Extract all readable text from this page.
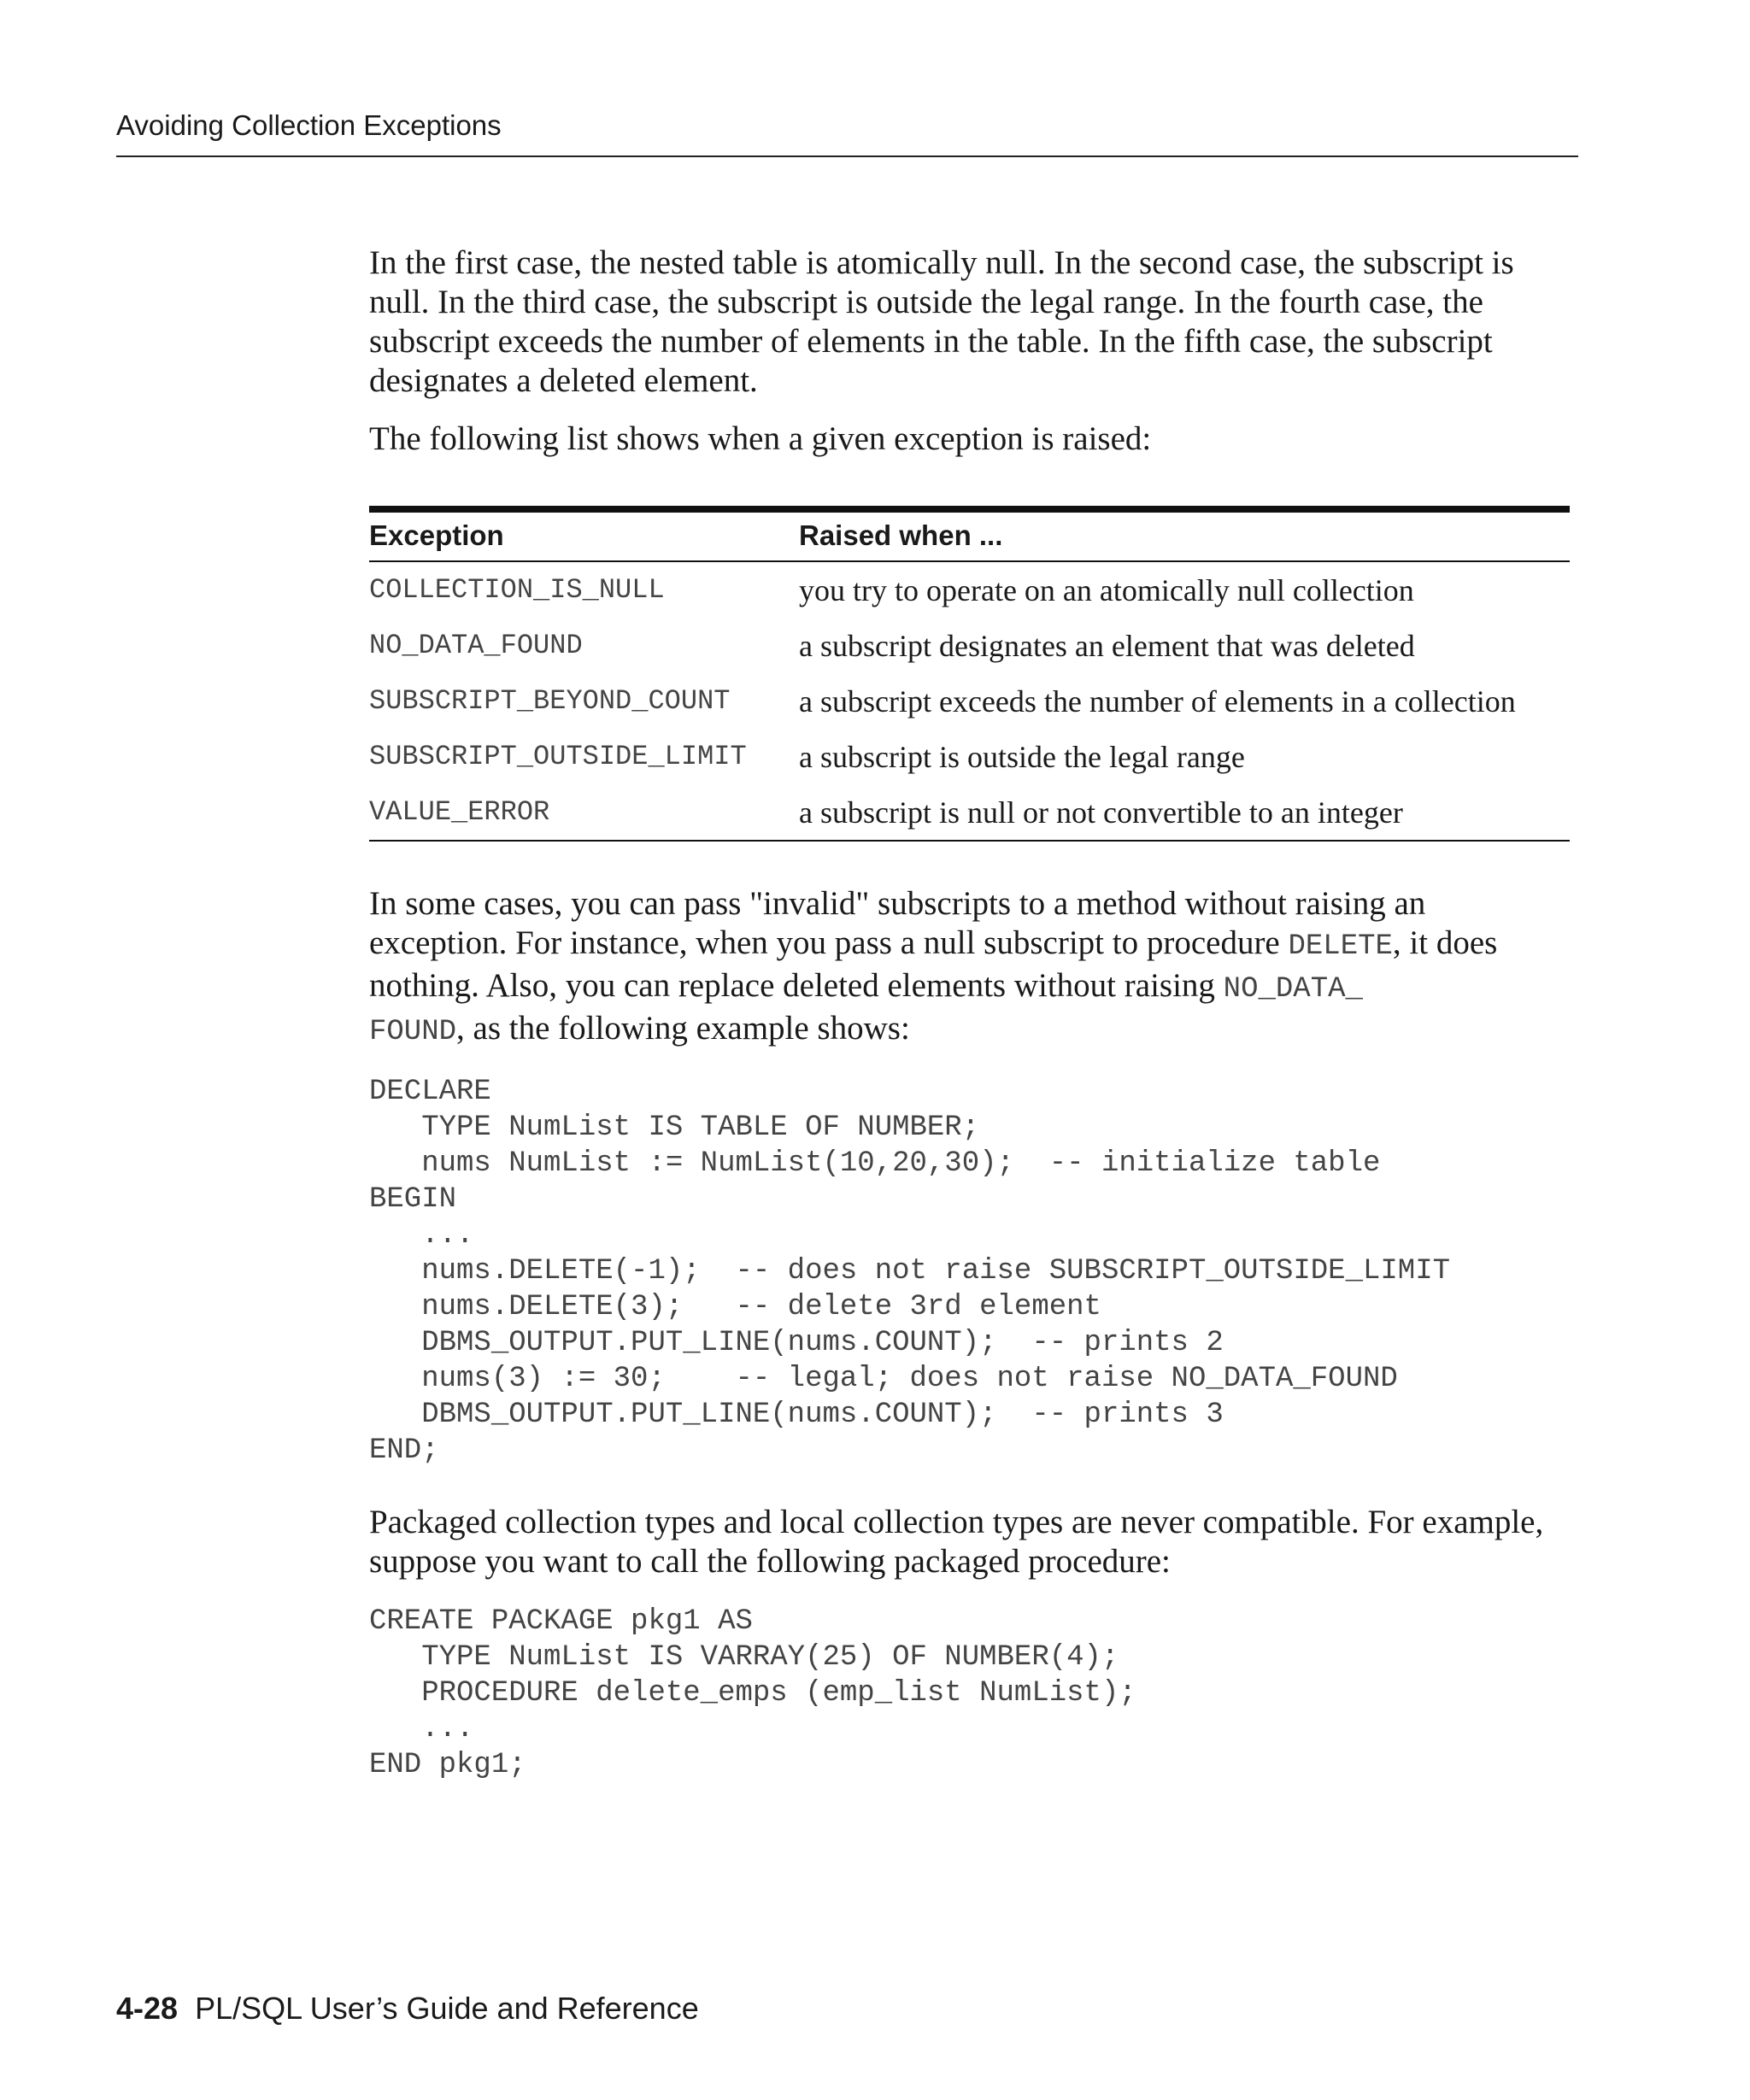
Avoiding Collection Exceptions

In the first case, the nested table is atomically null. In the second case, the subscript is null. In the third case, the subscript is outside the legal range. In the fourth case, the subscript exceeds the number of elements in the table. In the fifth case, the subscript designates a deleted element.

The following list shows when a given exception is raised:

Exception	Raised when ...
COLLECTION_IS_NULL	you try to operate on an atomically null collection
NO_DATA_FOUND	a subscript designates an element that was deleted
SUBSCRIPT_BEYOND_COUNT	a subscript exceeds the number of elements in a collection
SUBSCRIPT_OUTSIDE_LIMIT	a subscript is outside the legal range
VALUE_ERROR	a subscript is null or not convertible to an integer

In some cases, you can pass "invalid" subscripts to a method without raising an exception. For instance, when you pass a null subscript to procedure DELETE, it does nothing. Also, you can replace deleted elements without raising NO_DATA_
FOUND, as the following example shows:

DECLARE
TYPE NumList IS TABLE OF NUMBER;
nums NumList := NumList(10,20,30);  -- initialize table
BEGIN
...
nums.DELETE(-1);  -- does not raise SUBSCRIPT_OUTSIDE_LIMIT
nums.DELETE(3);   -- delete 3rd element
DBMS_OUTPUT.PUT_LINE(nums.COUNT);  -- prints 2
nums(3) := 30;    -- legal; does not raise NO_DATA_FOUND
DBMS_OUTPUT.PUT_LINE(nums.COUNT);  -- prints 3
END;

Packaged collection types and local collection types are never compatible. For example, suppose you want to call the following packaged procedure:

CREATE PACKAGE pkg1 AS
TYPE NumList IS VARRAY(25) OF NUMBER(4);
PROCEDURE delete_emps (emp_list NumList);
...
END pkg1;
4-28 PL/SQL User’s Guide and Reference
